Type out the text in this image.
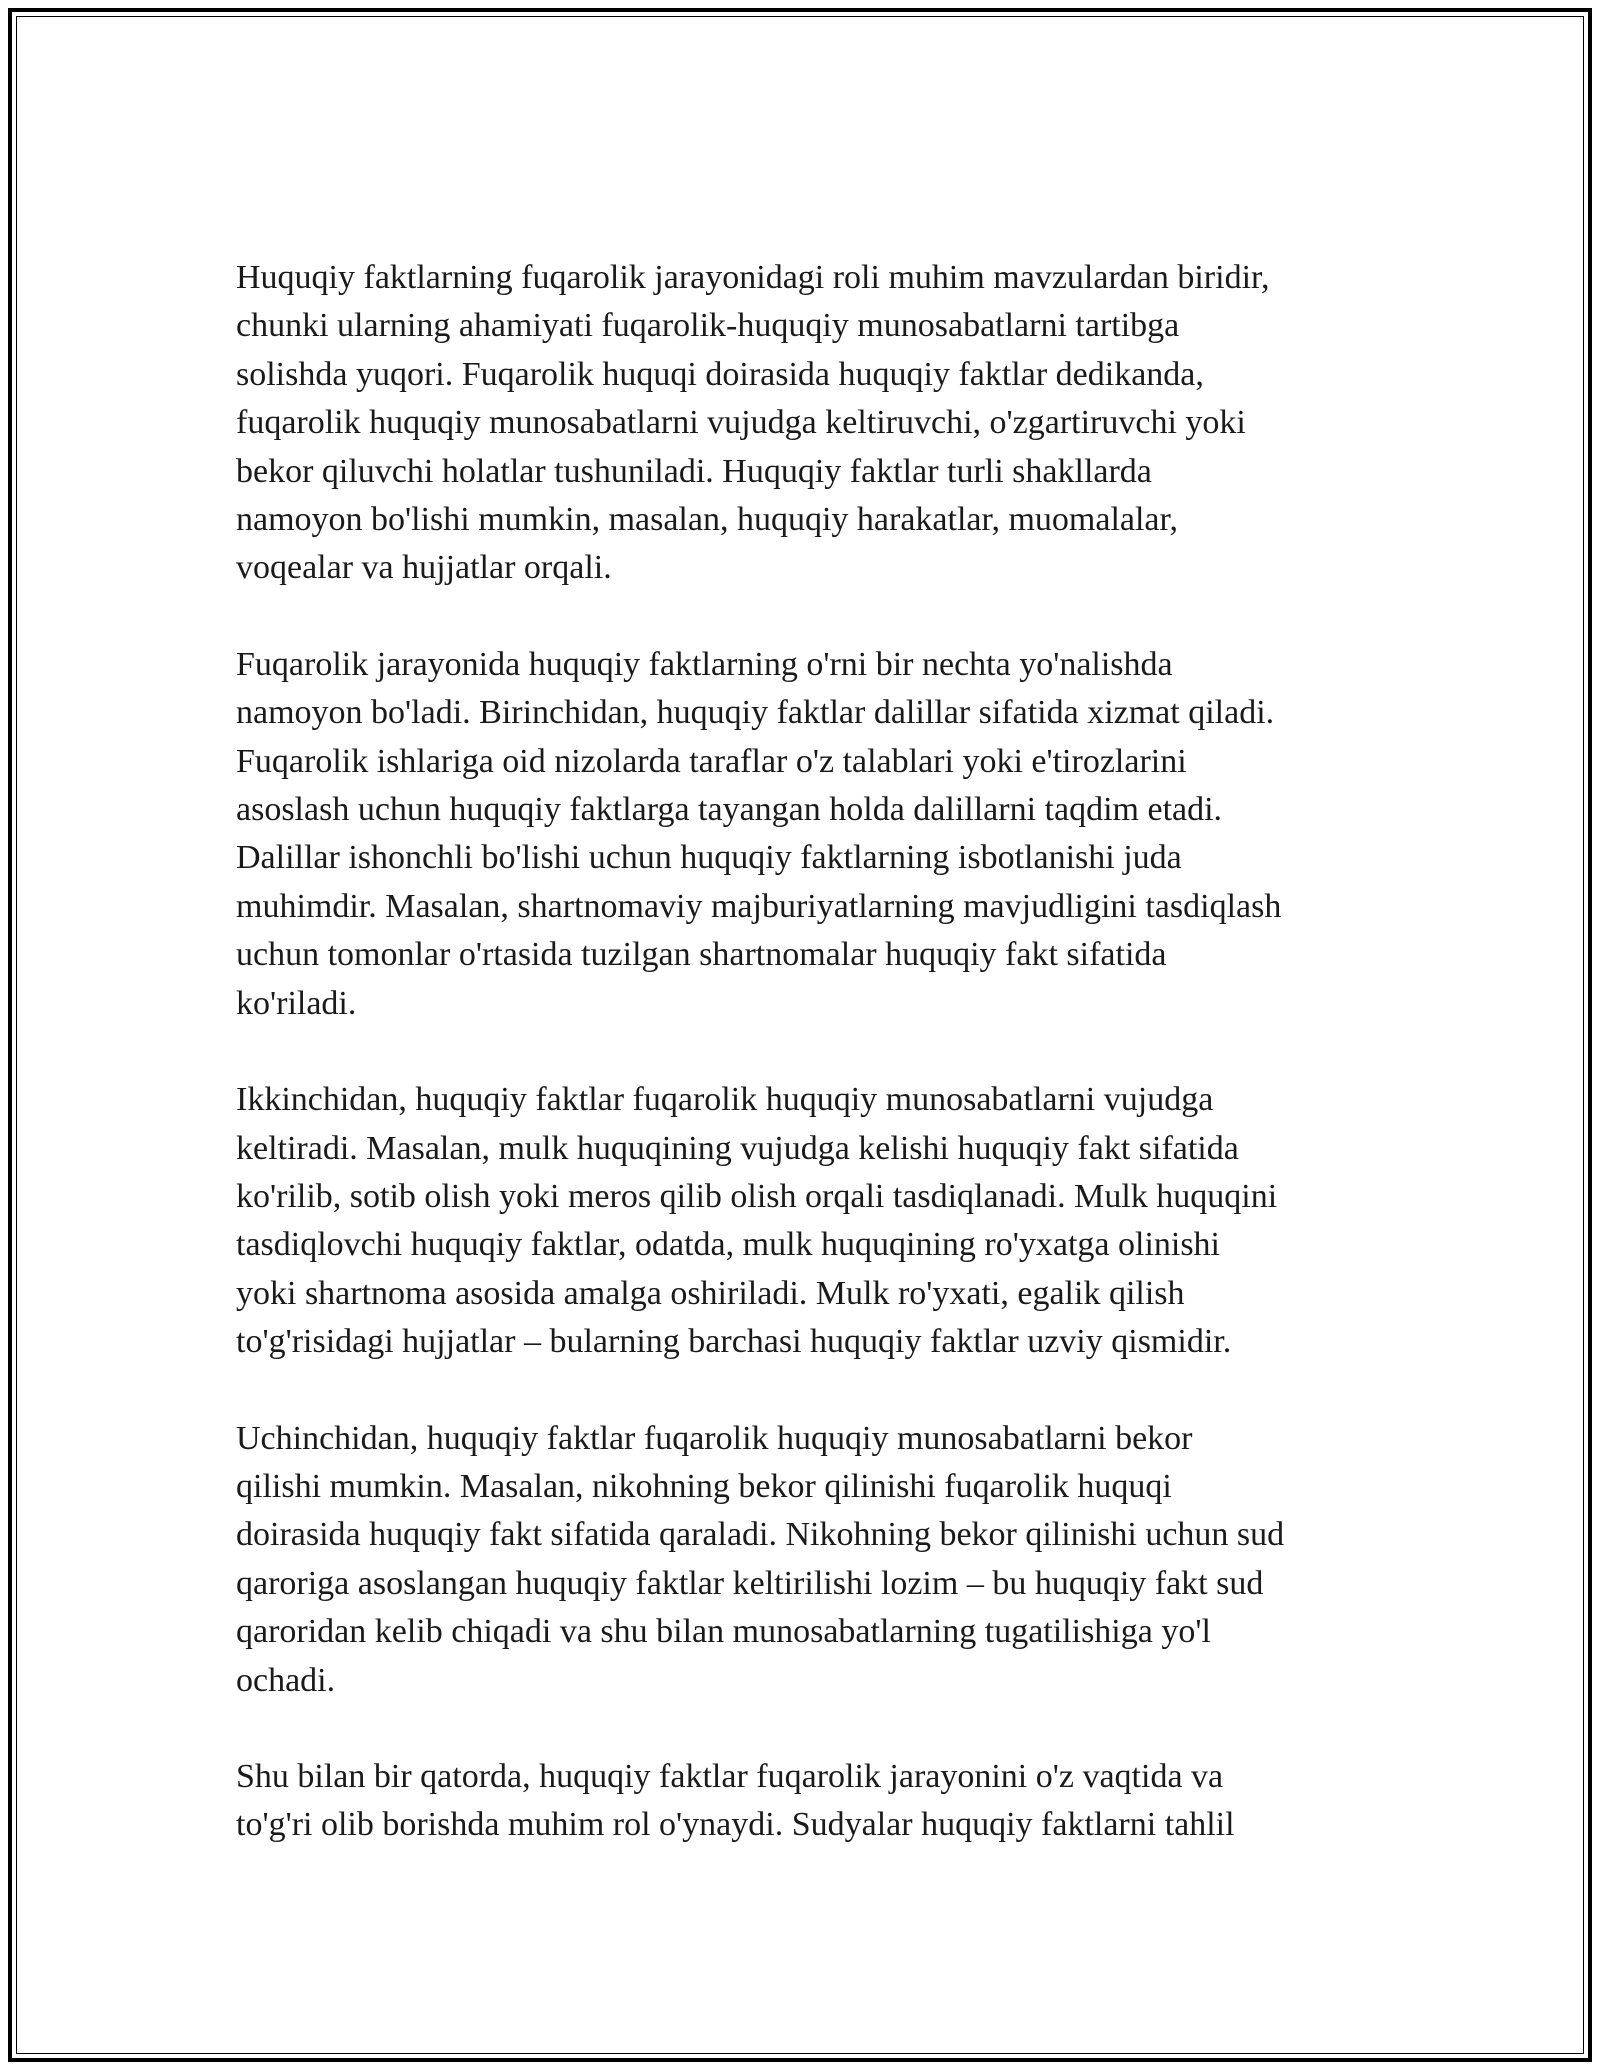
Huquqiy faktlarning fuqarolik jarayonidagi roli muhim mavzulardan biridir,
chunki ularning ahamiyati fuqarolik-huquqiy munosabatlarni tartibga
solishda yuqori. Fuqarolik huquqi doirasida huquqiy faktlar dedikanda,
fuqarolik huquqiy munosabatlarni vujudga keltiruvchi, o'zgartiruvchi yoki
bekor qiluvchi holatlar tushuniladi. Huquqiy faktlar turli shakllarda
namoyon bo'lishi mumkin, masalan, huquqiy harakatlar, muomalalar,
voqealar va hujjatlar orqali.

Fuqarolik jarayonida huquqiy faktlarning o'rni bir nechta yo'nalishda
namoyon bo'ladi. Birinchidan, huquqiy faktlar dalillar sifatida xizmat qiladi.
Fuqarolik ishlariga oid nizolarda taraflar o'z talablari yoki e'tirozlarini
asoslash uchun huquqiy faktlarga tayangan holda dalillarni taqdim etadi.
Dalillar ishonchli bo'lishi uchun huquqiy faktlarning isbotlanishi juda
muhimdir. Masalan, shartnomaviy majburiyatlarning mavjudligini tasdiqlash
uchun tomonlar o'rtasida tuzilgan shartnomalar huquqiy fakt sifatida
ko'riladi.

Ikkinchidan, huquqiy faktlar fuqarolik huquqiy munosabatlarni vujudga
keltiradi. Masalan, mulk huquqining vujudga kelishi huquqiy fakt sifatida
ko'rilib, sotib olish yoki meros qilib olish orqali tasdiqlanadi. Mulk huquqini
tasdiqlovchi huquqiy faktlar, odatda, mulk huquqining ro'yxatga olinishi
yoki shartnoma asosida amalga oshiriladi. Mulk ro'yxati, egalik qilish
to'g'risidagi hujjatlar – bularning barchasi huquqiy faktlar uzviy qismidir.

Uchinchidan, huquqiy faktlar fuqarolik huquqiy munosabatlarni bekor
qilishi mumkin. Masalan, nikohning bekor qilinishi fuqarolik huquqi
doirasida huquqiy fakt sifatida qaraladi. Nikohning bekor qilinishi uchun sud
qaroriga asoslangan huquqiy faktlar keltirilishi lozim – bu huquqiy fakt sud
qaroridan kelib chiqadi va shu bilan munosabatlarning tugatilishiga yo'l
ochadi.

Shu bilan bir qatorda, huquqiy faktlar fuqarolik jarayonini o'z vaqtida va
to'g'ri olib borishda muhim rol o'ynaydi. Sudyalar huquqiy faktlarni tahlil
